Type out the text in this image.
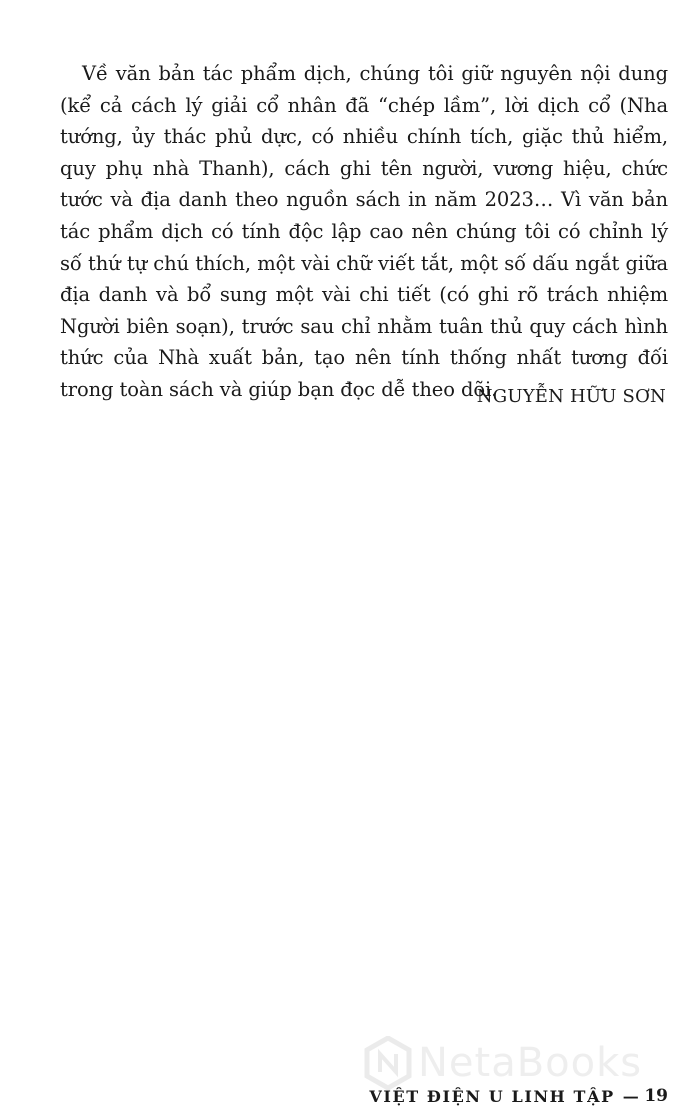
Về văn bản tác phẩm dịch, chúng tôi giữ nguyên nội dung (kể cả cách lý giải cổ nhân đã “chép lầm”, lời dịch cổ (Nha tướng, ủy thác phủ dực, có nhiều chính tích, giặc thủ hiểm, quy phụ nhà Thanh), cách ghi tên người, vương hiệu, chức tước và địa danh theo nguồn sách in năm 2023… Vì văn bản tác phẩm dịch có tính độc lập cao nên chúng tôi có chỉnh lý số thứ tự chú thích, một vài chữ viết tắt, một số dấu ngắt giữa địa danh và bổ sung một vài chi tiết (có ghi rõ trách nhiệm Người biên soạn), trước sau chỉ nhằm tuân thủ quy cách hình thức của Nhà xuất bản, tạo nên tính thống nhất tương đối trong toàn sách và giúp bạn đọc dễ theo dõi.

NGUYỄN HỮU SƠN

NetaBooks
VIỆT ĐIỆN U LINH TẬP — 19
